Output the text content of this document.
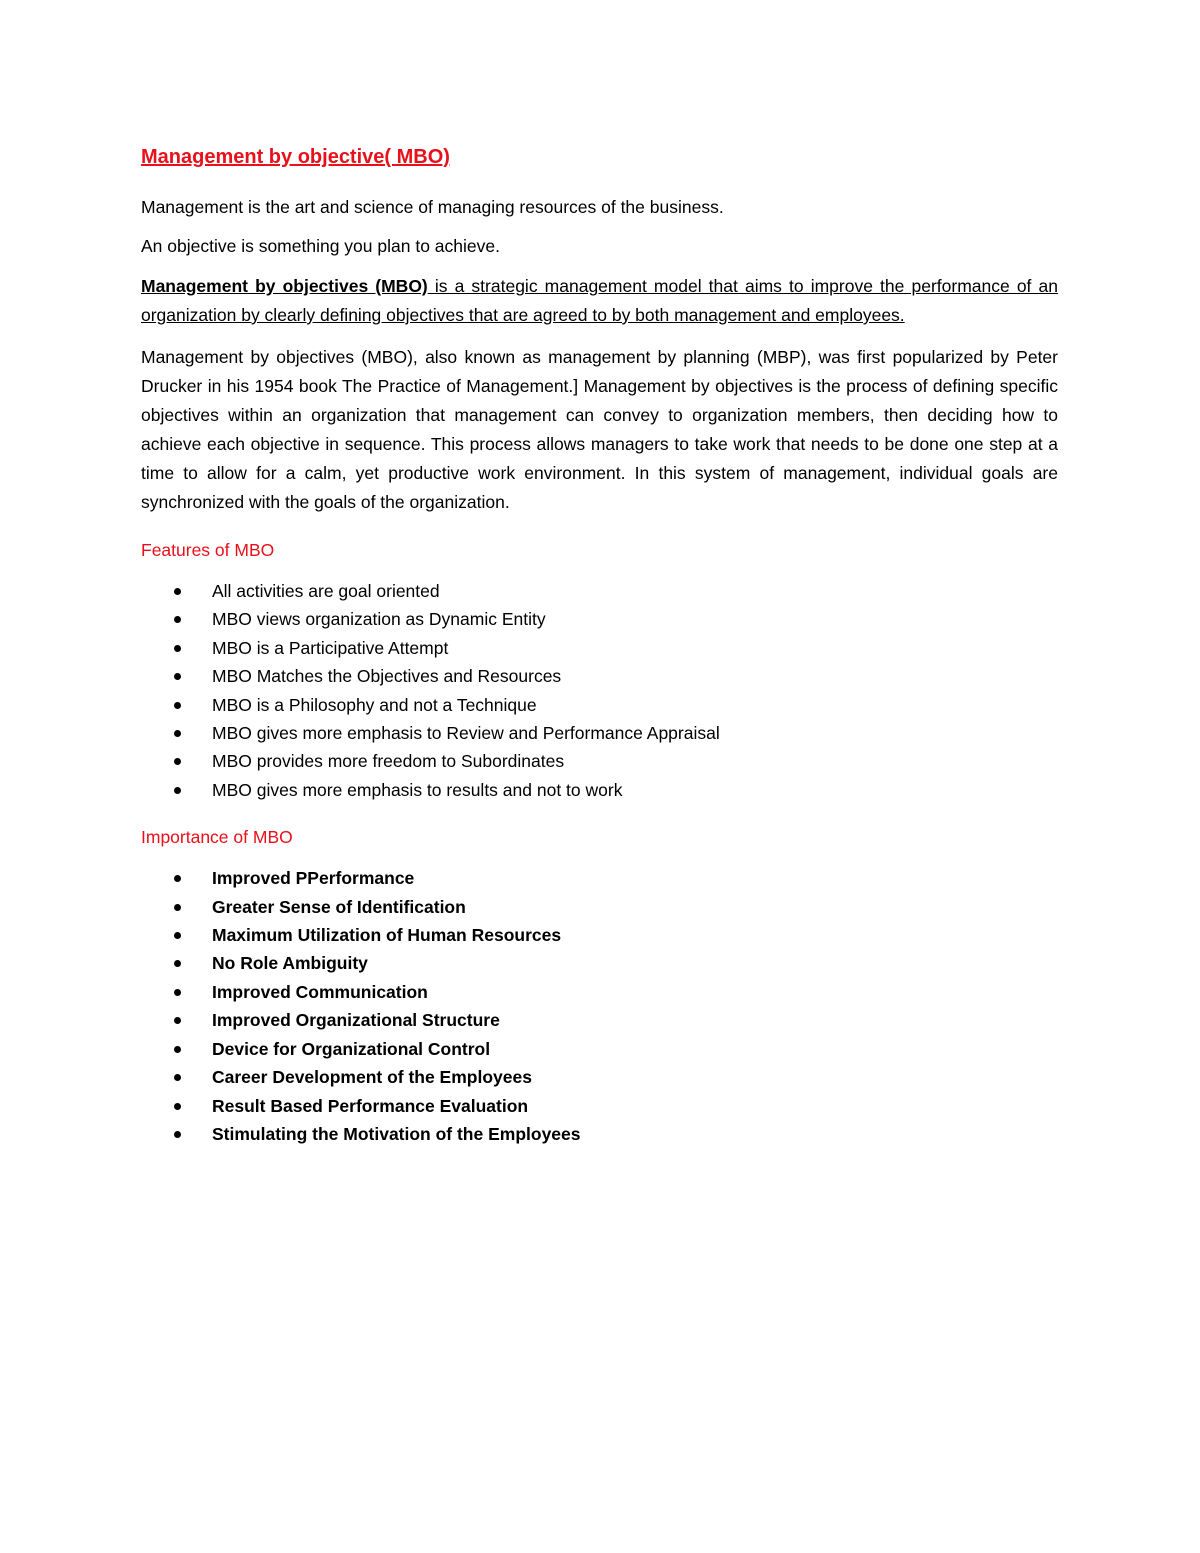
Management by objective( MBO)

Management is the art and science of managing resources of the business.

An objective is something you plan to achieve.

Management by objectives (MBO) is a strategic management model that aims to improve the performance of an organization by clearly defining objectives that are agreed to by both management and employees.

Management by objectives (MBO), also known as management by planning (MBP), was first popularized by Peter Drucker in his 1954 book The Practice of Management.] Management by objectives is the process of defining specific objectives within an organization that management can convey to organization members, then deciding how to achieve each objective in sequence. This process allows managers to take work that needs to be done one step at a time to allow for a calm, yet productive work environment. In this system of management, individual goals are synchronized with the goals of the organization.

Features of MBO
All activities are goal oriented
MBO views organization as Dynamic Entity
MBO is a Participative Attempt
MBO Matches the Objectives and Resources
MBO is a Philosophy and not a Technique
MBO gives more emphasis to Review and Performance Appraisal
MBO provides more freedom to Subordinates
MBO gives more emphasis to results and not to work
Importance of MBO
Improved PPerformance
Greater Sense of Identification
Maximum Utilization of Human Resources
No Role Ambiguity
Improved Communication
Improved Organizational Structure
Device for Organizational Control
Career Development of the Employees
Result Based Performance Evaluation
Stimulating the Motivation of the Employees
